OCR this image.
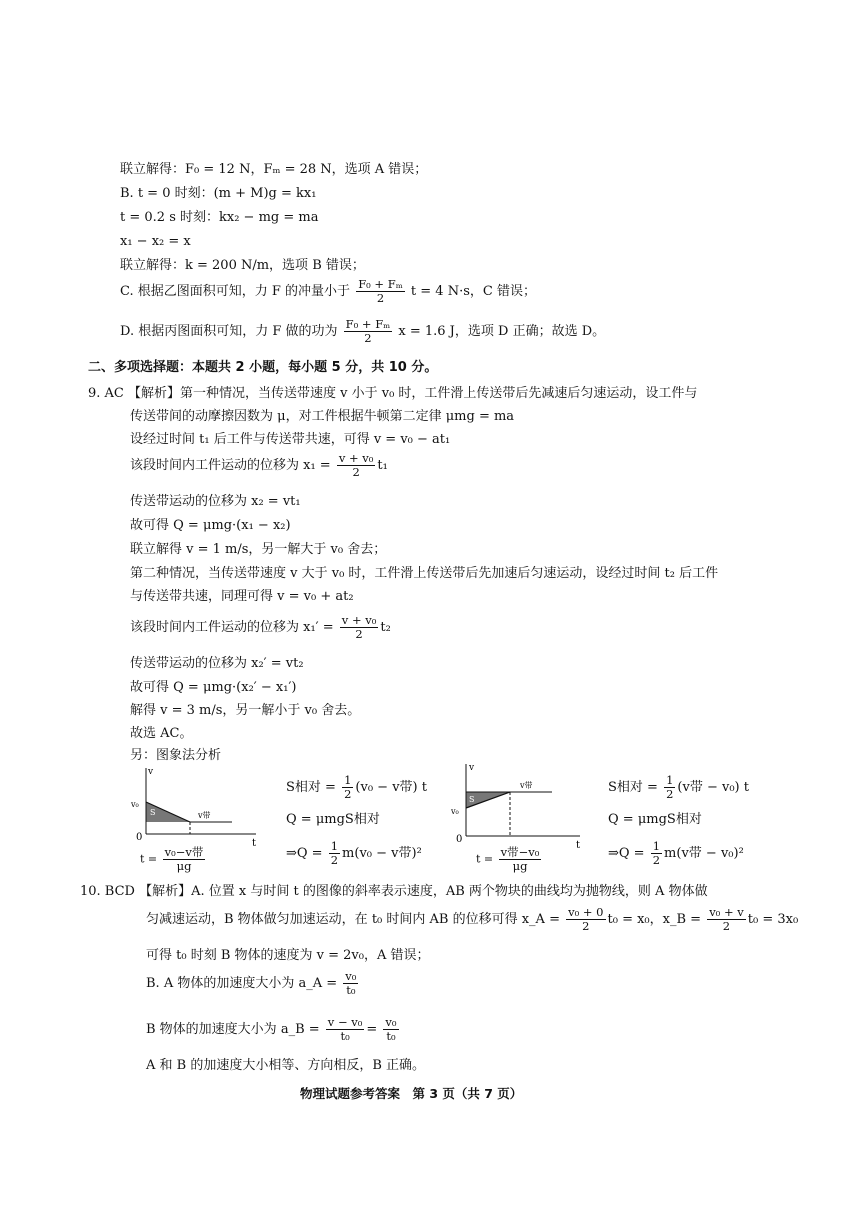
联立解得：F₀ = 12 N，Fₘ = 28 N，选项 A 错误；
B. t = 0 时刻：(m + M)g = kx₁
t = 0.2 s 时刻：kx₂ − mg = ma
x₁ − x₂ = x
联立解得：k = 200 N/m，选项 B 错误；
C. 根据乙图面积可知，力 F 的冲量小于 $\frac{\text{F₀ + Fₘ}}{2}$ t = 4 N·s，C 错误；
D. 根据丙图面积可知，力 F 做的功为 $\frac{\text{F₀ + Fₘ}}{2}$ x = 1.6 J，选项 D 正确；故选 D。
二、多项选择题：本题共 2 小题，每小题 5 分，共 10 分。
9. AC 【解析】第一种情况，当传送带速度 v 小于 v₀ 时，工件滑上传送带后先减速后匀速运动，设工件与
传送带间的动摩擦因数为 μ，对工件根据牛顿第二定律 μmg = ma
设经过时间 t₁ 后工件与传送带共速，可得 v = v₀ − at₁
该段时间内工件运动的位移为 $x_1 = \frac{\text{v + v₀}}{2} t_1$
传送带运动的位移为 x₂ = vt₁
故可得 Q = μmg·(x₁ − x₂)
联立解得 v = 1 m/s，另一解大于 v₀ 舍去；
第二种情况，当传送带速度 v 大于 v₀ 时，工件滑上传送带后先加速后匀速运动，设经过时间 t₂ 后工件
与传送带共速，同理可得 v = v₀ + at₂
该段时间内工件运动的位移为 $x_1' = \frac{\text{v + v₀}}{2} t_2$
传送带运动的位移为 x₂′ = vt₂
故可得 Q = μmg·(x₂′ − x₁′)
解得 v = 3 m/s，另一解小于 v₀ 舍去。
故选 AC。
另：图象法分析
v
t
0
v₀
S	v带
$t = \frac{\text{v₀−v带}}{\mu g}$
S相对 = $\frac{1}{2} (v_0 - v$带) t
Q = μmgS相对
⇒Q = $\frac{1}{2} m(v_0 - v$带)²
v
t
0
v₀
S
v带
$t = \frac{\text{v带−v₀}}{\mu g}$
S相对 = $\frac{1}{2} (v$带 − v₀) t
Q = μmgS相对
⇒Q = $\frac{1}{2} m(v$带 − v₀)²
10. BCD 【解析】A. 位置 x 与时间 t 的图像的斜率表示速度，AB 两个物块的曲线均为抛物线，则 A 物体做
匀减速运动，B 物体做匀加速运动，在 t₀ 时间内 AB 的位移可得 x_A = $\frac{\text{v₀ + 0}}{2} t_0 = x_0$，x_B = $\frac{\text{v₀ + v}}{2} t_0 = 3x_0$
可得 t₀ 时刻 B 物体的速度为 v = 2v₀，A 错误；
B. A 物体的加速度大小为 a_A = $\frac{\text{v₀}}{\text{t₀}}$
B 物体的加速度大小为 a_B = $\frac{\text{v − v₀}}{\text{t₀}} = \frac{\text{v₀}}{\text{t₀}}$
A 和 B 的加速度大小相等、方向相反，B 正确。
物理试题参考答案　第 3 页（共 7 页）
